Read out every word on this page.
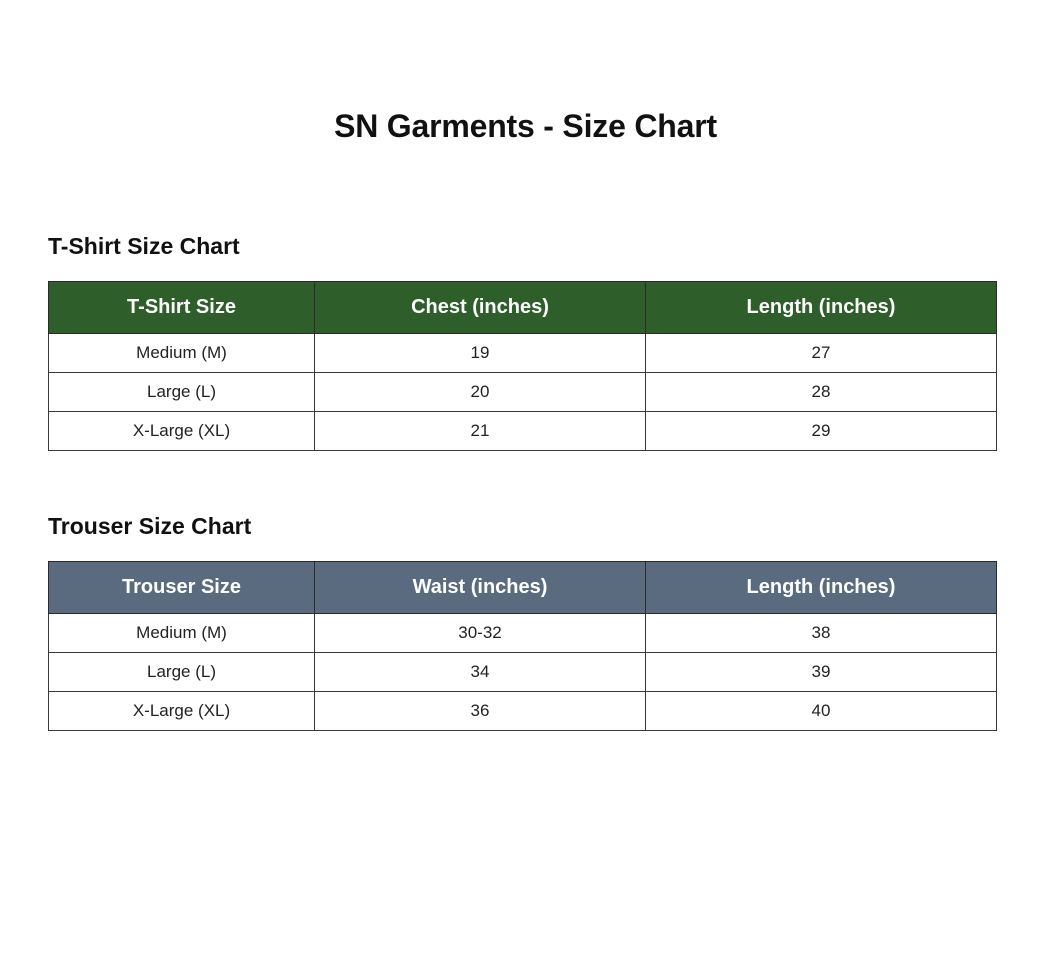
SN Garments - Size Chart
T-Shirt Size Chart
T-Shirt Size	Chest (inches)	Length (inches)
Medium (M)	19	27
Large (L)	20	28
X-Large (XL)	21	29
Trouser Size Chart
Trouser Size	Waist (inches)	Length (inches)
Medium (M)	30-32	38
Large (L)	34	39
X-Large (XL)	36	40
